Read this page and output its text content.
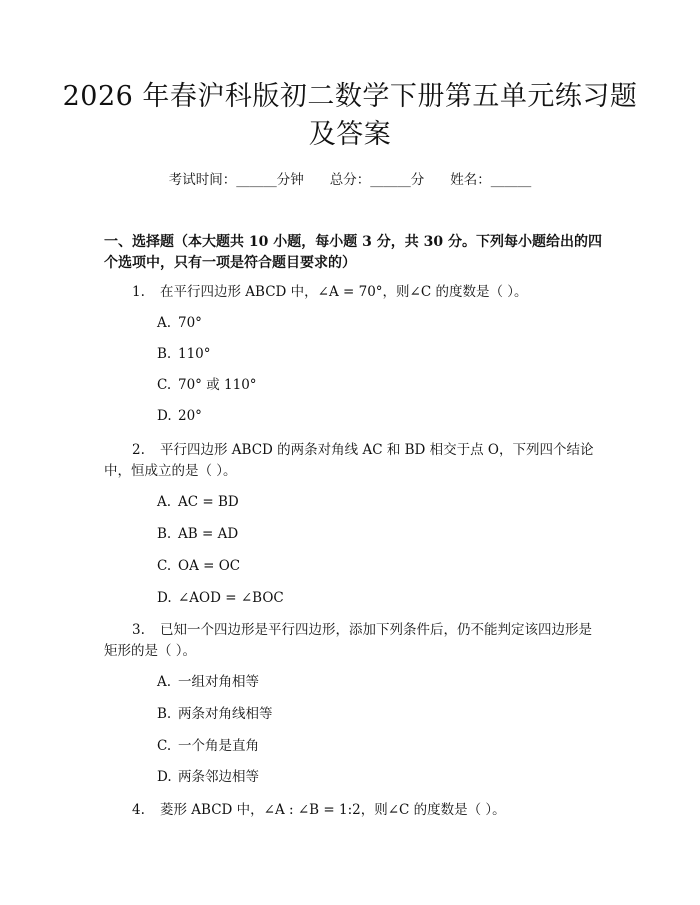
2026 年春沪科版初二数学下册第五单元练习题及答案
考试时间：______分钟 总分：______分 姓名：______

一、选择题（本大题共 10 小题，每小题 3 分，共 30 分。下列每小题给出的四个选项中，只有一项是符合题目要求的）

1. 在平行四边形 ABCD 中，∠A = 70°，则∠C 的度数是（ ）。

A. 70°
B. 110°
C. 70° 或 110°
D. 20°

2. 平行四边形 ABCD 的两条对角线 AC 和 BD 相交于点 O，下列四个结论中，恒成立的是（ ）。

A. AC = BD
B. AB = AD
C. OA = OC
D. ∠AOD = ∠BOC

3. 已知一个四边形是平行四边形，添加下列条件后，仍不能判定该四边形是矩形的是（ ）。

A. 一组对角相等
B. 两条对角线相等
C. 一个角是直角
D. 两条邻边相等

4. 菱形 ABCD 中，∠A : ∠B = 1:2，则∠C 的度数是（ ）。
